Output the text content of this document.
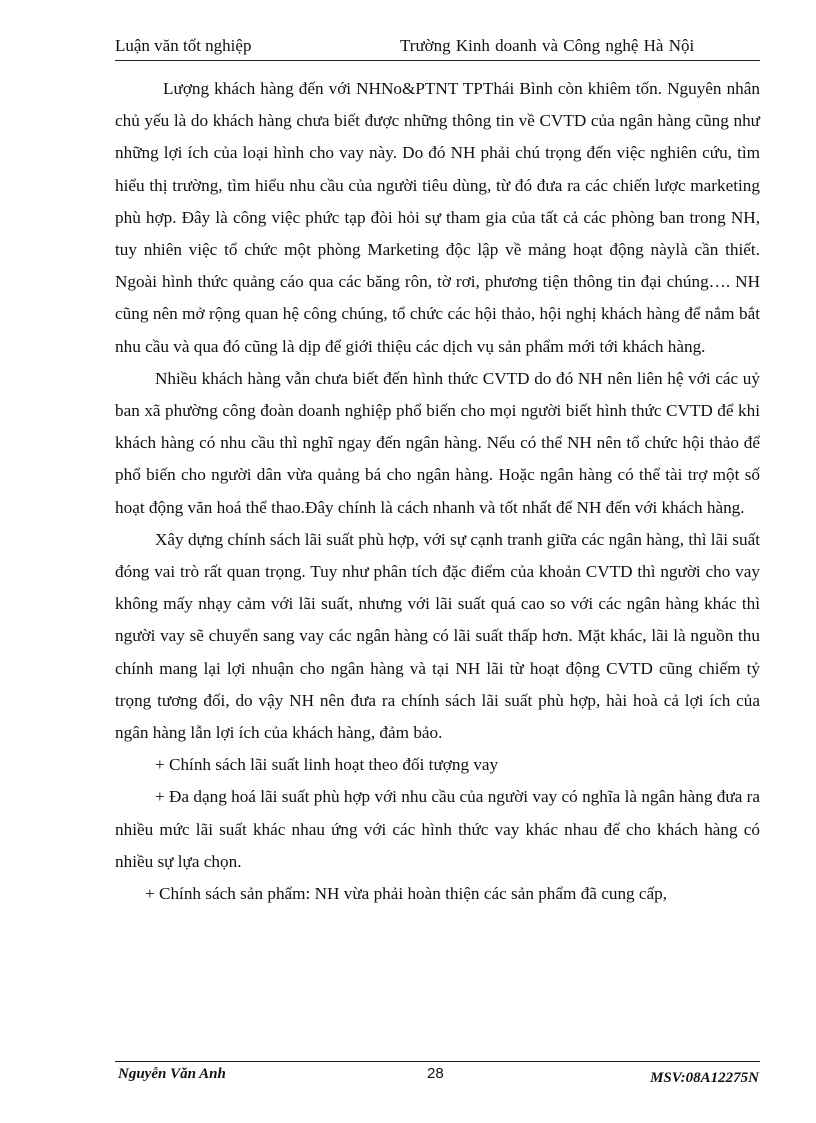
Luận văn tốt nghiệp	Trường Kinh doanh và Công nghệ Hà Nội

Lượng khách hàng đến với NHNo&PTNT TPThái Bình còn khiêm tốn. Nguyên nhân chủ yếu là do khách hàng chưa biết được những thông tin về CVTD của ngân hàng cũng như những lợi ích của loại hình cho vay này. Do đó NH phải chú trọng đến việc nghiên cứu, tìm hiểu thị trường, tìm hiểu nhu cầu của người tiêu dùng, từ đó đưa ra các chiến lược marketing phù hợp. Đây là công việc phức tạp đòi hỏi sự tham gia của tất cả các phòng ban trong NH, tuy nhiên việc tổ chức một phòng Marketing độc lập về mảng hoạt động nàylà cần thiết. Ngoài hình thức quảng cáo qua các băng rôn, tờ rơi, phương tiện thông tin đại chúng…. NH cũng nên mở rộng quan hệ công chúng, tổ chức các hội thảo, hội nghị khách hàng để nắm bắt nhu cầu và qua đó cũng là dịp để giới thiệu các dịch vụ sản phẩm mới tới khách hàng.

Nhiều khách hàng vẫn chưa biết đến hình thức CVTD do đó NH nên liên hệ với các uỷ ban xã phường công đoàn doanh nghiệp phổ biến cho mọi người biết hình thức CVTD để khi khách hàng có nhu cầu thì nghĩ ngay đến ngân hàng. Nếu có thể NH nên tổ chức hội thảo để phổ biến cho người dân vừa quảng bá cho ngân hàng. Hoặc ngân hàng có thể tài trợ một số hoạt động văn hoá thể thao.Đây chính là cách nhanh và tốt nhất để NH đến với khách hàng.

Xây dựng chính sách lãi suất phù hợp, với sự cạnh tranh giữa các ngân hàng, thì lãi suất đóng vai trò rất quan trọng. Tuy như phân tích đặc điểm của khoản CVTD thì người cho vay không mấy nhạy cảm với lãi suất, nhưng với lãi suất quá cao so với các ngân hàng khác thì người vay sẽ chuyển sang vay các ngân hàng có lãi suất thấp hơn. Mặt khác, lãi là nguồn thu chính mang lại lợi nhuận cho ngân hàng và tại NH lãi từ hoạt động CVTD cũng chiếm tỷ trọng tương đối, do vậy NH nên đưa ra chính sách lãi suất phù hợp, hài hoà cả lợi ích của ngân hàng lẫn lợi ích của khách hàng, đảm bảo.

+ Chính sách lãi suất linh hoạt theo đối tượng vay

+ Đa dạng hoá lãi suất phù hợp với nhu cầu của người vay có nghĩa là ngân hàng đưa ra nhiều mức lãi suất khác nhau ứng với các hình thức vay khác nhau để cho khách hàng có nhiều sự lựa chọn.

+ Chính sách sản phẩm: NH vừa phải hoàn thiện các sản phẩm đã cung cấp,

Nguyễn Văn Anh	28	MSV:08A12275N
